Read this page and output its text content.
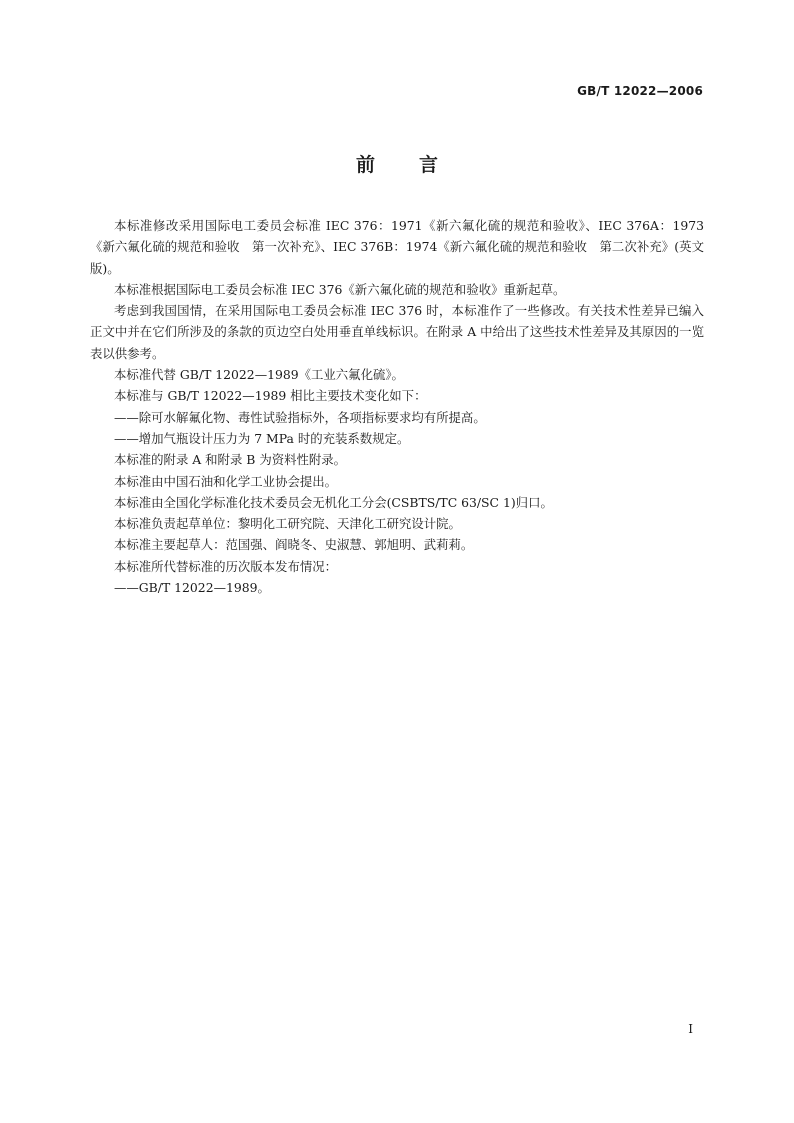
GB/T 12022—2006
前 言

本标准修改采用国际电工委员会标准 IEC 376：1971《新六氟化硫的规范和验收》、IEC 376A：1973《新六氟化硫的规范和验收　第一次补充》、IEC 376B：1974《新六氟化硫的规范和验收　第二次补充》(英文版)。

本标准根据国际电工委员会标准 IEC 376《新六氟化硫的规范和验收》重新起草。

考虑到我国国情，在采用国际电工委员会标准 IEC 376 时，本标准作了一些修改。有关技术性差异已编入正文中并在它们所涉及的条款的页边空白处用垂直单线标识。在附录 A 中给出了这些技术性差异及其原因的一览表以供参考。

本标准代替 GB/T 12022—1989《工业六氟化硫》。

本标准与 GB/T 12022—1989 相比主要技术变化如下：

——除可水解氟化物、毒性试验指标外，各项指标要求均有所提高。

——增加气瓶设计压力为 7 MPa 时的充装系数规定。

本标准的附录 A 和附录 B 为资料性附录。

本标准由中国石油和化学工业协会提出。

本标准由全国化学标准化技术委员会无机化工分会(CSBTS/TC 63/SC 1)归口。

本标准负责起草单位：黎明化工研究院、天津化工研究设计院。

本标准主要起草人：范国强、阎晓冬、史淑慧、郭旭明、武莉莉。

本标准所代替标准的历次版本发布情况：

——GB/T 12022—1989。

I
